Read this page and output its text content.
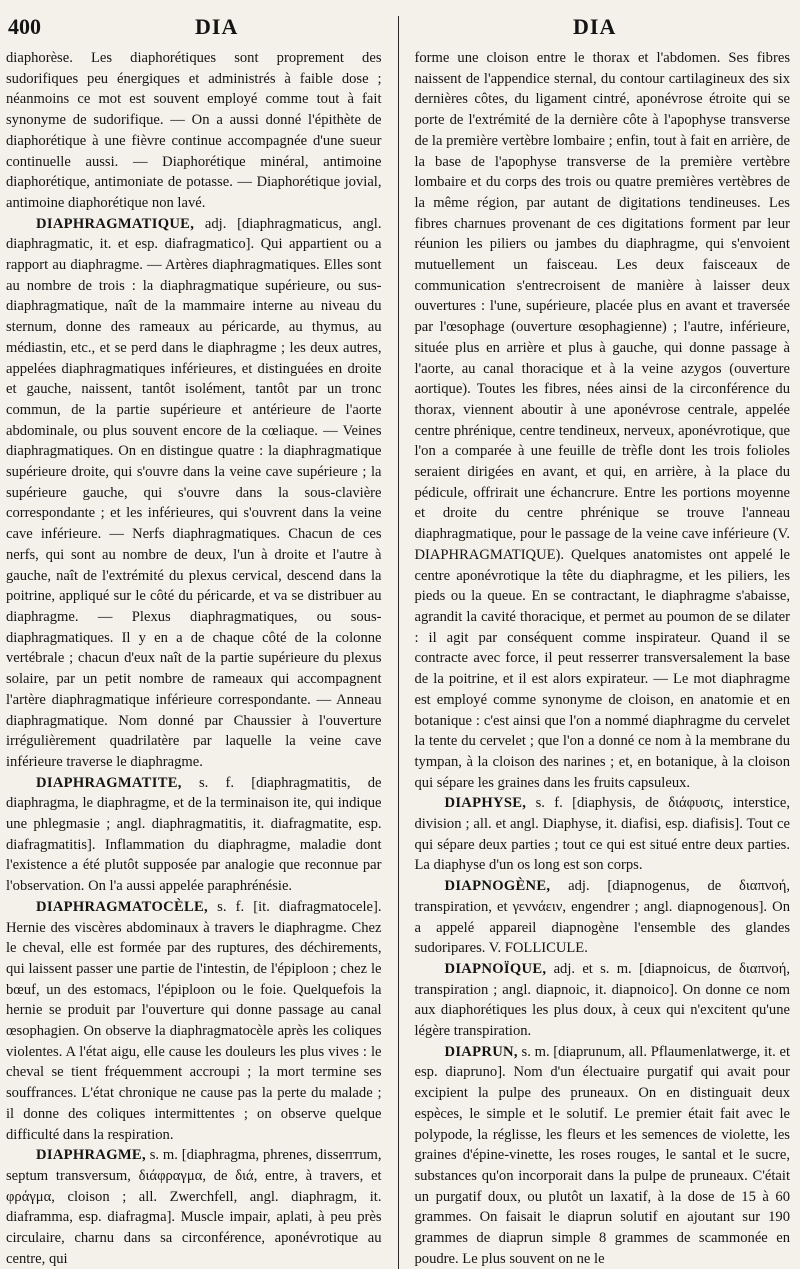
400	DIA	DIA

diaphorèse. Les diaphorétiques sont proprement des sudorifiques peu énergiques et administrés à faible dose ; néanmoins ce mot est souvent employé comme tout à fait synonyme de sudorifique. — On a aussi donné l'épithète de diaphorétique à une fièvre continue accompagnée d'une sueur continuelle aussi. — Diaphorétique minéral, antimoine diaphorétique, antimoniate de potasse. — Diaphorétique jovial, antimoine diaphorétique non lavé.

DIAPHRAGMATIQUE, adj. [diaphragmaticus, angl. diaphragmatic, it. et esp. diafragmatico]. Qui appartient ou a rapport au diaphragme. — Artères diaphragmatiques. Elles sont au nombre de trois : la diaphragmatique supérieure, ou sus-diaphragmatique, naît de la mammaire interne au niveau du sternum, donne des rameaux au péricarde, au thymus, au médiastin, etc., et se perd dans le diaphragme ; les deux autres, appelées diaphragmatiques inférieures, et distinguées en droite et gauche, naissent, tantôt isolément, tantôt par un tronc commun, de la partie supérieure et antérieure de l'aorte abdominale, ou plus souvent encore de la cœliaque. — Veines diaphragmatiques. On en distingue quatre : la diaphragmatique supérieure droite, qui s'ouvre dans la veine cave supérieure ; la supérieure gauche, qui s'ouvre dans la sous-clavière correspondante ; et les inférieures, qui s'ouvrent dans la veine cave inférieure. — Nerfs diaphragmatiques. Chacun de ces nerfs, qui sont au nombre de deux, l'un à droite et l'autre à gauche, naît de l'extrémité du plexus cervical, descend dans la poitrine, appliqué sur le côté du péricarde, et va se distribuer au diaphragme. — Plexus diaphragmatiques, ou sous-diaphragmatiques. Il y en a de chaque côté de la colonne vertébrale ; chacun d'eux naît de la partie supérieure du plexus solaire, par un petit nombre de rameaux qui accompagnent l'artère diaphragmatique inférieure correspondante. — Anneau diaphragmatique. Nom donné par Chaussier à l'ouverture irrégulièrement quadrilatère par laquelle la veine cave inférieure traverse le diaphragme.

DIAPHRAGMATITE, s. f. [diaphragmatitis, de diaphragma, le diaphragme, et de la terminaison ite, qui indique une phlegmasie ; angl. diaphragmatitis, it. diafragmatite, esp. diafragmatitis]. Inflammation du diaphragme, maladie dont l'existence a été plutôt supposée par analogie que reconnue par l'observation. On l'a aussi appelée paraphrénésie.

DIAPHRAGMATOCÈLE, s. f. [it. diafragmatocele]. Hernie des viscères abdominaux à travers le diaphragme. Chez le cheval, elle est formée par des ruptures, des déchirements, qui laissent passer une partie de l'intestin, de l'épiploon ; chez le bœuf, un des estomacs, l'épiploon ou le foie. Quelquefois la hernie se produit par l'ouverture qui donne passage au canal œsophagien. On observe la diaphragmatocèle après les coliques violentes. A l'état aigu, elle cause les douleurs les plus vives : le cheval se tient fréquemment accroupi ; la mort termine ses souffrances. L'état chronique ne cause pas la perte du malade ; il donne des coliques intermittentes ; on observe quelque difficulté dans la respiration.

DIAPHRAGME, s. m. [diaphragma, phrenes, dissептum, septum transversum, διάφραγμα, de διά, entre, à travers, et φράγμα, cloison ; all. Zwerchfell, angl. diaphragm, it. diaframma, esp. diafragma]. Muscle impair, aplati, à peu près circulaire, charnu dans sa circonférence, aponévrotique au centre, qui

forme une cloison entre le thorax et l'abdomen. Ses fibres naissent de l'appendice sternal, du contour cartilagineux des six dernières côtes, du ligament cintré, aponévrose étroite qui se porte de l'extrémité de la dernière côte à l'apophyse transverse de la première vertèbre lombaire ; enfin, tout à fait en arrière, de la base de l'apophyse transverse de la première vertèbre lombaire et du corps des trois ou quatre premières vertèbres de la même région, par autant de digitations tendineuses. Les fibres charnues provenant de ces digitations forment par leur réunion les piliers ou jambes du diaphragme, qui s'envoient mutuellement un faisceau. Les deux faisceaux de communication s'entrecroisent de manière à laisser deux ouvertures : l'une, supérieure, placée plus en avant et traversée par l'œsophage (ouverture œsophagienne) ; l'autre, inférieure, située plus en arrière et plus à gauche, qui donne passage à l'aorte, au canal thoracique et à la veine azygos (ouverture aortique). Toutes les fibres, nées ainsi de la circonférence du thorax, viennent aboutir à une aponévrose centrale, appelée centre phrénique, centre tendineux, nerveux, aponévrotique, que l'on a comparée à une feuille de trèfle dont les trois folioles seraient dirigées en avant, et qui, en arrière, à la place du pédicule, offrirait une échancrure. Entre les portions moyenne et droite du centre phrénique se trouve l'anneau diaphragmatique, pour le passage de la veine cave inférieure (V. DIAPHRAGMATIQUE). Quelques anatomistes ont appelé le centre aponévrotique la tête du diaphragme, et les piliers, les pieds ou la queue. En se contractant, le diaphragme s'abaisse, agrandit la cavité thoracique, et permet au poumon de se dilater : il agit par conséquent comme inspirateur. Quand il se contracte avec force, il peut resserrer transversalement la base de la poitrine, et il est alors expirateur. — Le mot diaphragme est employé comme synonyme de cloison, en anatomie et en botanique : c'est ainsi que l'on a nommé diaphragme du cervelet la tente du cervelet ; que l'on a donné ce nom à la membrane du tympan, à la cloison des narines ; et, en botanique, à la cloison qui sépare les graines dans les fruits capsuleux.

DIAPHYSE, s. f. [diaphysis, de διάφυσις, interstice, division ; all. et angl. Diaphyse, it. diafisi, esp. diafisis]. Tout ce qui sépare deux parties ; tout ce qui est situé entre deux parties. La diaphyse d'un os long est son corps.

DIAPNOGÈNE, adj. [diapnogenus, de διαπνοή, transpiration, et γεννάειν, engendrer ; angl. diapnogenous]. On a appelé appareil diapnogène l'ensemble des glandes sudoripares. V. FOLLICULE.

DIAPNOÏQUE, adj. et s. m. [diapnoicus, de διαπνοή, transpiration ; angl. diapnoic, it. diapnoico]. On donne ce nom aux diaphorétiques les plus doux, à ceux qui n'excitent qu'une légère transpiration.

DIAPRUN, s. m. [diaprunum, all. Pflaumenlatwerge, it. et esp. diapruno]. Nom d'un électuaire purgatif qui avait pour excipient la pulpe des pruneaux. On en distinguait deux espèces, le simple et le solutif. Le premier était fait avec le polypode, la réglisse, les fleurs et les semences de violette, les graines d'épine-vinette, les roses rouges, le santal et le sucre, substances qu'on incorporait dans la pulpe de pruneaux. C'était un purgatif doux, ou plutôt un laxatif, à la dose de 15 à 60 grammes. On faisait le diaprun solutif en ajoutant sur 190 grammes de diaprun simple 8 grammes de scammonée en poudre. Le plus souvent on ne le
